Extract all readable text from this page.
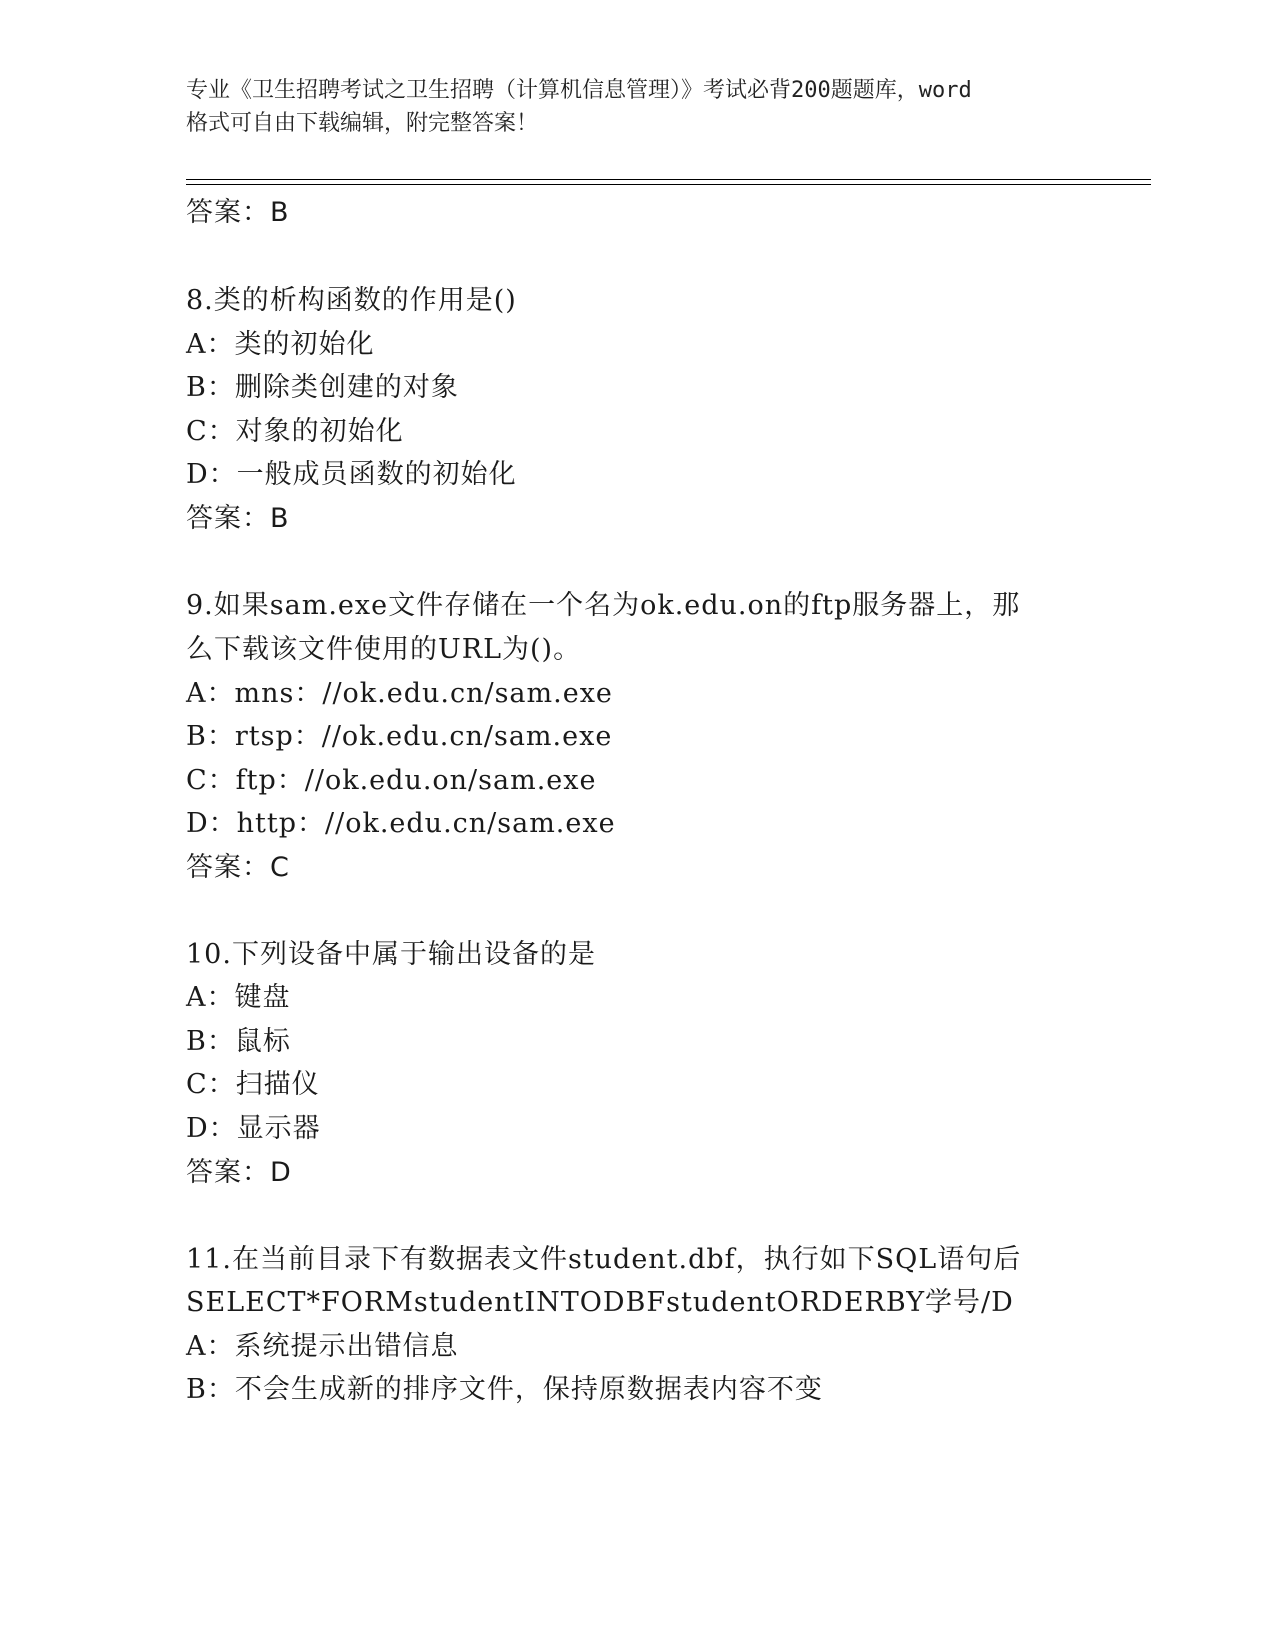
专业《卫生招聘考试之卫生招聘（计算机信息管理）》考试必背200题题库，word
格式可自由下载编辑，附完整答案！
答案：B
8.类的析构函数的作用是()
A：类的初始化
B：删除类创建的对象
C：对象的初始化
D：一般成员函数的初始化
答案：B
9.如果sam.exe文件存储在一个名为ok.edu.on的ftp服务器上，那
么下载该文件使用的URL为()。
A：mns：//ok.edu.cn/sam.exe
B：rtsp：//ok.edu.cn/sam.exe
C：ftp：//ok.edu.on/sam.exe
D：http：//ok.edu.cn/sam.exe
答案：C
10.下列设备中属于输出设备的是
A：键盘
B：鼠标
C：扫描仪
D：显示器
答案：D
11.在当前目录下有数据表文件student.dbf，执行如下SQL语句后
SELECT*FORMstudentINTODBFstudentORDERBY学号/D
A：系统提示出错信息
B：不会生成新的排序文件，保持原数据表内容不变
